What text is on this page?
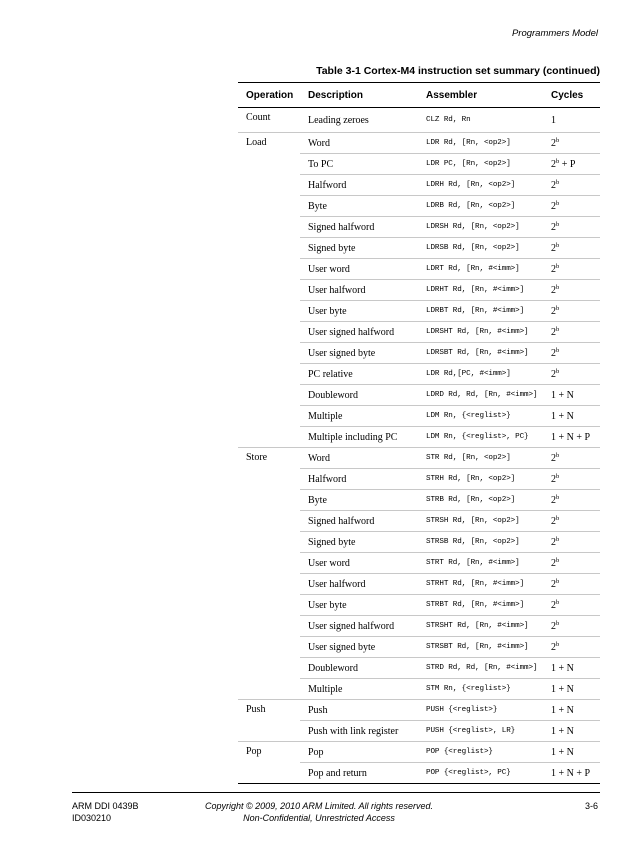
Programmers Model
Table 3-1 Cortex-M4 instruction set summary (continued)
Operation	Description	Assembler	Cycles
Count	Leading zeroes	CLZ Rd, Rn	1
Load	Word	LDR Rd, [Rn, <op2>]	2$^b$
	To PC	LDR PC, [Rn, <op2>]	$2^b + P$
	Halfword	LDRH Rd, [Rn, <op2>]	2$^b$
	Byte	LDRB Rd, [Rn, <op2>]	2$^b$
	Signed halfword	LDRSH Rd, [Rn, <op2>]	2$^b$
	Signed byte	LDRSB Rd, [Rn, <op2>]	2$^b$
	User word	LDRT Rd, [Rn, #<imm>]	2$^b$
	User halfword	LDRHT Rd, [Rn, #<imm>]	2$^b$
	User byte	LDRBT Rd, [Rn, #<imm>]	2$^b$
	User signed halfword	LDRSHT Rd, [Rn, #<imm>]	2$^b$
	User signed byte	LDRSBT Rd, [Rn, #<imm>]	2$^b$
	PC relative	LDR Rd,[PC, #<imm>]	2$^b$
	Doubleword	LDRD Rd, Rd, [Rn, #<imm>]	1 + N
	Multiple	LDM Rn, {<reglist>}	1 + N
	Multiple including PC	LDM Rn, {<reglist>, PC}	1 + N + P
Store	Word	STR Rd, [Rn, <op2>]	2$^b$
	Halfword	STRH Rd, [Rn, <op2>]	2$^b$
	Byte	STRB Rd, [Rn, <op2>]	2$^b$
	Signed halfword	STRSH Rd, [Rn, <op2>]	2$^b$
	Signed byte	STRSB Rd, [Rn, <op2>]	2$^b$
	User word	STRT Rd, [Rn, #<imm>]	2$^b$
	User halfword	STRHT Rd, [Rn, #<imm>]	2$^b$
	User byte	STRBT Rd, [Rn, #<imm>]	2$^b$
	User signed halfword	STRSHT Rd, [Rn, #<imm>]	2$^b$
	User signed byte	STRSBT Rd, [Rn, #<imm>]	2$^b$
	Doubleword	STRD Rd, Rd, [Rn, #<imm>]	1 + N
	Multiple	STM Rn, {<reglist>}	1 + N
Push	Push	PUSH {<reglist>}	1 + N
	Push with link register	PUSH {<reglist>, LR}	1 + N
Pop	Pop	POP {<reglist>}	1 + N
	Pop and return	POP {<reglist>, PC}	1 + N + P
ARM DDI 0439B
ID030210
Copyright © 2009, 2010 ARM Limited. All rights reserved.
Non-Confidential, Unrestricted Access
3-6
